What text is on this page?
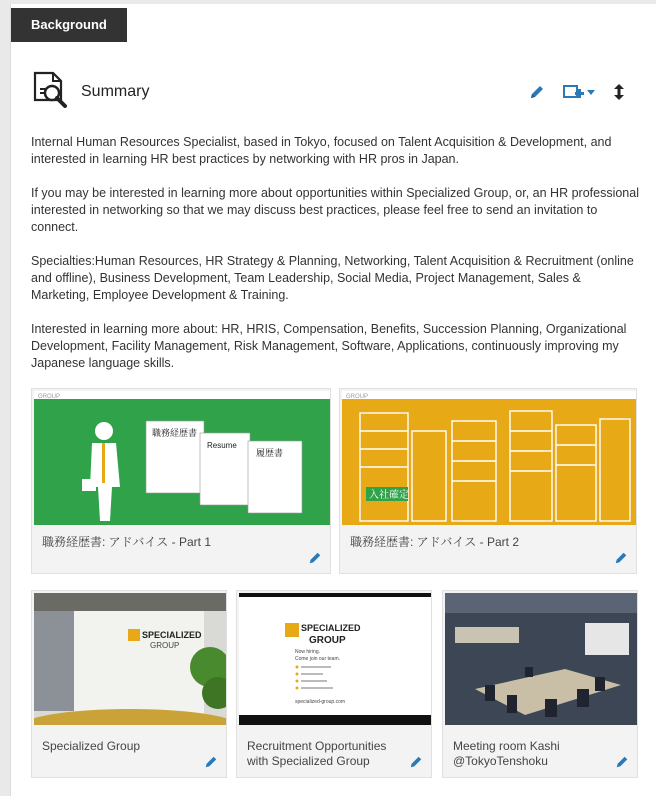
Background
Summary

Internal Human Resources Specialist, based in Tokyo, focused on Talent Acquisition & Development, and interested in learning HR best practices by networking with HR pros in Japan.

If you may be interested in learning more about opportunities within Specialized Group, or, an HR professional interested in networking so that we may discuss best practices, please feel free to send an invitation to connect.

Specialties:Human Resources, HR Strategy & Planning, Networking, Talent Acquisition & Recruitment (online and offline), Business Development, Team Leadership, Social Media, Project Management, Sales & Marketing, Employee Development & Training.

Interested in learning more about: HR, HRIS, Compensation, Benefits, Succession Planning, Organizational Development, Facility Management, Risk Management, Software, Applications, continuously improving my Japanese language skills.

GROUP
職務経歴書
Resume
履歴書
職務経歴書: アドバイス - Part 1
GROUP
入社確定
職務経歴書: アドバイス - Part 2
SPECIALIZED
GROUP
Specialized Group
SPECIALIZED
GROUP
Now hiring.
Come join our team.
specialized-group.com
Recruitment Opportunities with Specialized Group
Meeting room Kashi @TokyoTenshoku
